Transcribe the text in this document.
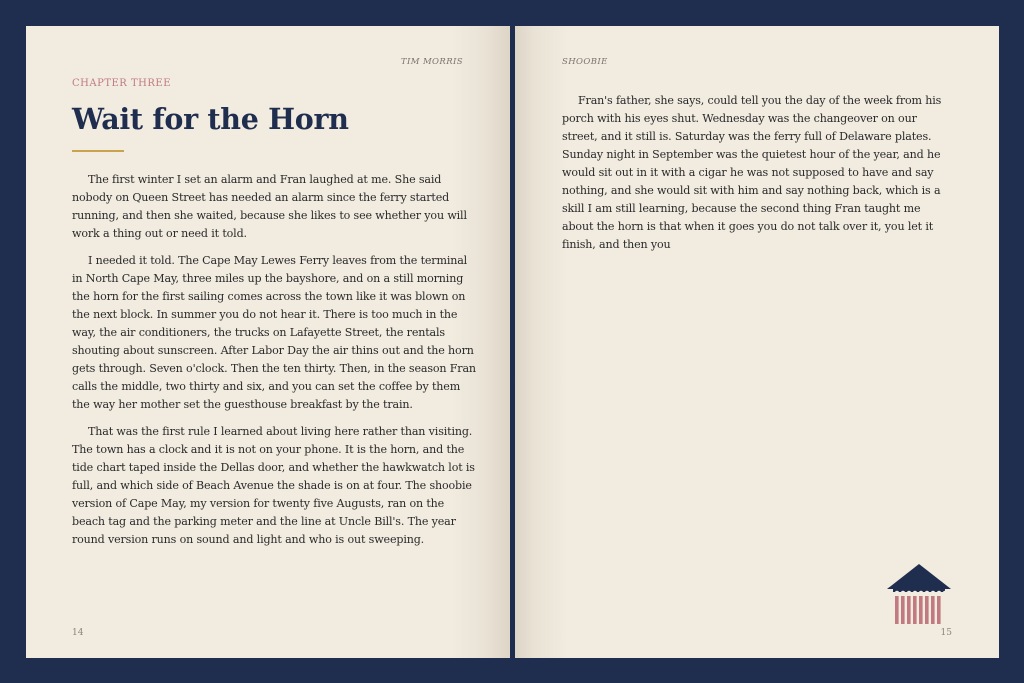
TIM MORRIS
CHAPTER THREE
Wait for the Horn

The first winter I set an alarm and Fran laughed at me. She said nobody on Queen Street has needed an alarm since the ferry started running, and then she waited, because she likes to see whether you will work a thing out or need it told.

I needed it told. The Cape May Lewes Ferry leaves from the terminal in North Cape May, three miles up the bayshore, and on a still morning the horn for the first sailing comes across the town like it was blown on the next block. In summer you do not hear it. There is too much in the way, the air conditioners, the trucks on Lafayette Street, the rentals shouting about sunscreen. After Labor Day the air thins out and the horn gets through. Seven o'clock. Then the ten thirty. Then, in the season Fran calls the middle, two thirty and six, and you can set the coffee by them the way her mother set the guesthouse breakfast by the train.

That was the first rule I learned about living here rather than visiting. The town has a clock and it is not on your phone. It is the horn, and the tide chart taped inside the Dellas door, and whether the hawkwatch lot is full, and which side of Beach Avenue the shade is on at four. The shoobie version of Cape May, my version for twenty five Augusts, ran on the beach tag and the parking meter and the line at Uncle Bill's. The year round version runs on sound and light and who is out sweeping.

14
SHOOBIE

Fran's father, she says, could tell you the day of the week from his porch with his eyes shut. Wednesday was the changeover on our street, and it still is. Saturday was the ferry full of Delaware plates. Sunday night in September was the quietest hour of the year, and he would sit out in it with a cigar he was not supposed to have and say nothing, and she would sit with him and say nothing back, which is a skill I am still learning, because the second thing Fran taught me about the horn is that when it goes you do not talk over it, you let it finish, and then you

15
